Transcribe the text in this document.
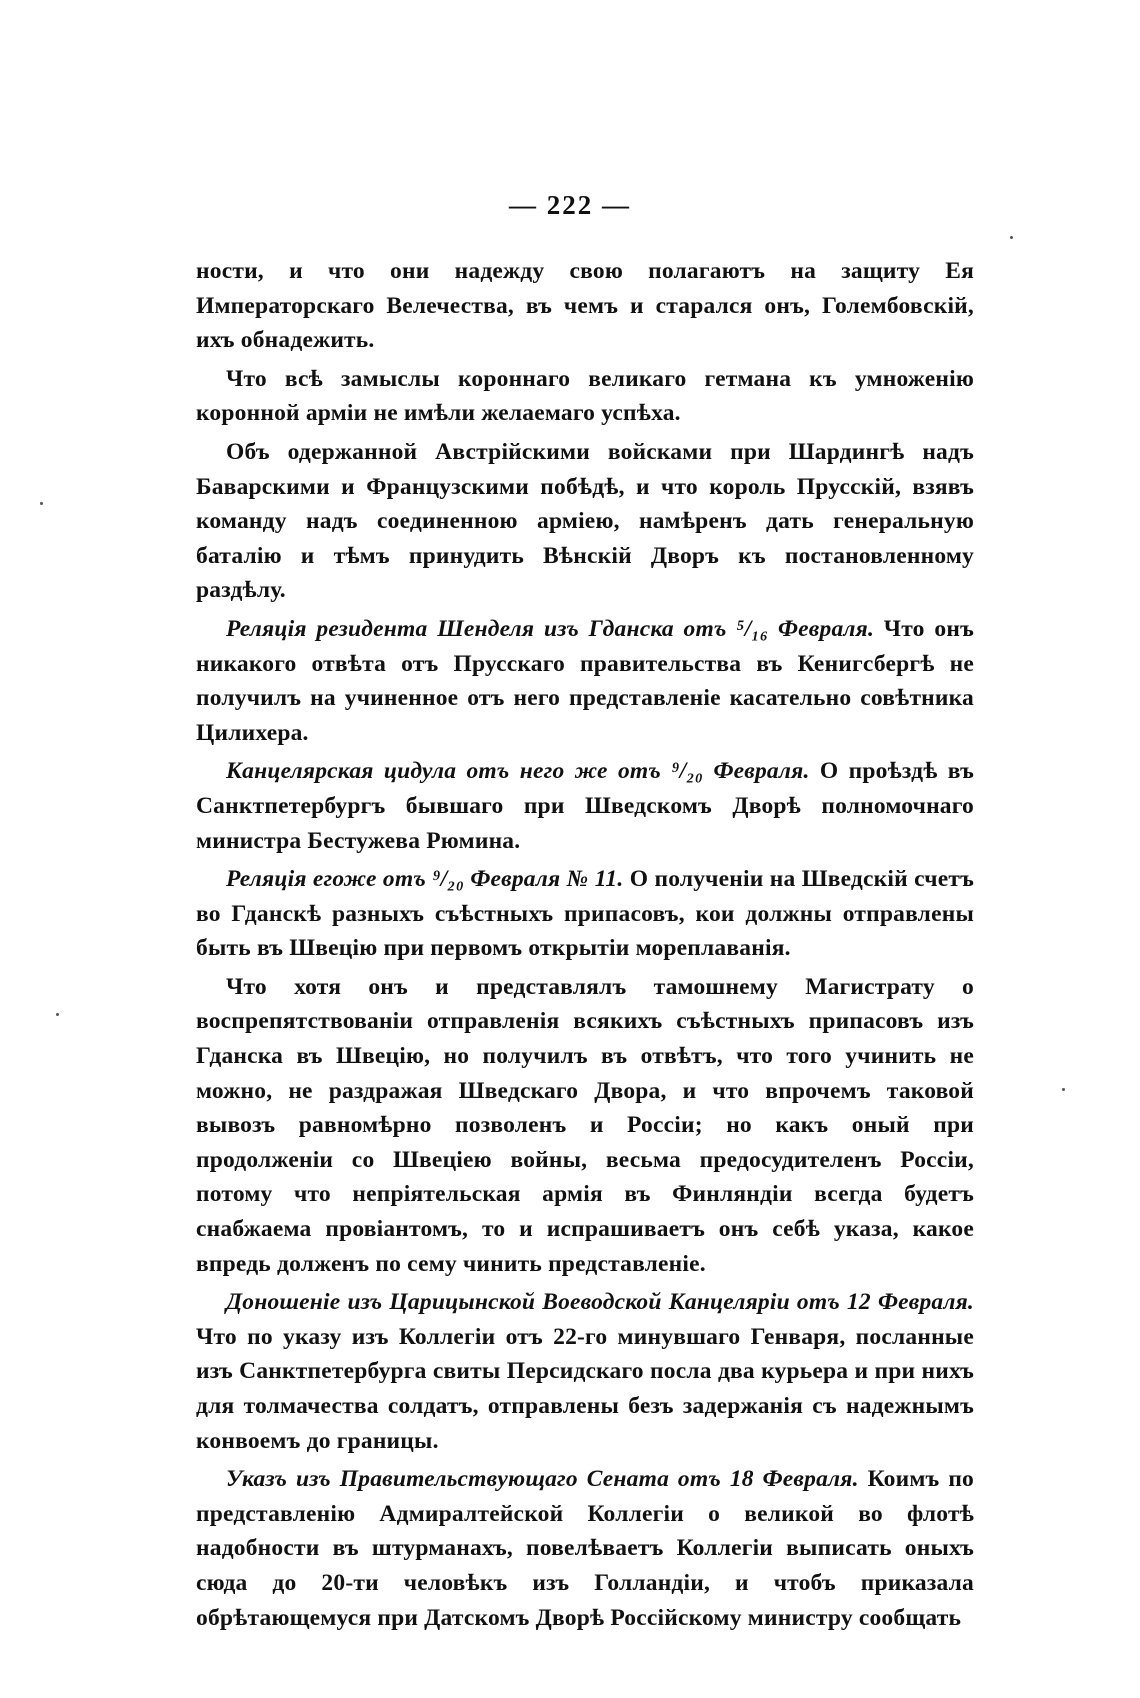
— 222 —

ности, и что они надежду свою полагаютъ на защиту Ея Императорскаго Велечества, въ чемъ и старался онъ, Голембовскій, ихъ обнадежить.

Что всѣ замыслы короннаго великаго гетмана къ умноженію коронной арміи не имѣли желаемаго успѣха.

Объ одержанной Австрійскими войсками при Шардингѣ надъ Баварскими и Французскими побѣдѣ, и что король Прусскій, взявъ команду надъ соединенною арміею, намѣренъ дать генеральную баталію и тѣмъ принудить Вѣнскій Дворъ къ постановленному раздѣлу.

Реляція резидента Шенделя изъ Гданска отъ ⁵/₁₆ Февраля. Что онъ никакого отвѣта отъ Прусскаго правительства въ Кенигсбергѣ не получилъ на учиненное отъ него представленіе касательно совѣтника Цилихера.

Канцелярская цидула отъ него же отъ ⁹/₂₀ Февраля. О проѣздѣ въ Санктпетербургъ бывшаго при Шведскомъ Дворѣ полномочнаго министра Бестужева Рюмина.

Реляція егоже отъ ⁹/₂₀ Февраля № 11. О полученіи на Шведскій счетъ во Гданскѣ разныхъ съѣстныхъ припасовъ, кои должны отправлены быть въ Швецію при первомъ открытіи мореплаванія.

Что хотя онъ и представлялъ тамошнему Магистрату о воспрепятствованіи отправленія всякихъ съѣстныхъ припасовъ изъ Гданска въ Швецію, но получилъ въ отвѣтъ, что того учинить не можно, не раздражая Шведскаго Двора, и что впрочемъ таковой вывозъ равномѣрно позволенъ и Россіи; но какъ оный при продолженіи со Швеціею войны, весьма предосудителенъ Россіи, потому что непріятельская армія въ Финляндіи всегда будетъ снабжаема провіантомъ, то и испрашиваетъ онъ себѣ указа, какое впредь долженъ по сему чинить представленіе.

Доношеніе изъ Царицынской Воеводской Канцеляріи отъ 12 Февраля. Что по указу изъ Коллегіи отъ 22-го минувшаго Генваря, посланные изъ Санктпетербурга свиты Персидскаго посла два курьера и при нихъ для толмачества солдатъ, отправлены безъ задержанія съ надежнымъ конвоемъ до границы.

Указъ изъ Правительствующаго Сената отъ 18 Февраля. Коимъ по представленію Адмиралтейской Коллегіи о великой во флотѣ надобности въ штурманахъ, повелѣваетъ Коллегіи выписать оныхъ сюда до 20-ти человѣкъ изъ Голландіи, и чтобъ приказала обрѣтающемуся при Датскомъ Дворѣ Россійскому министру сообщать
